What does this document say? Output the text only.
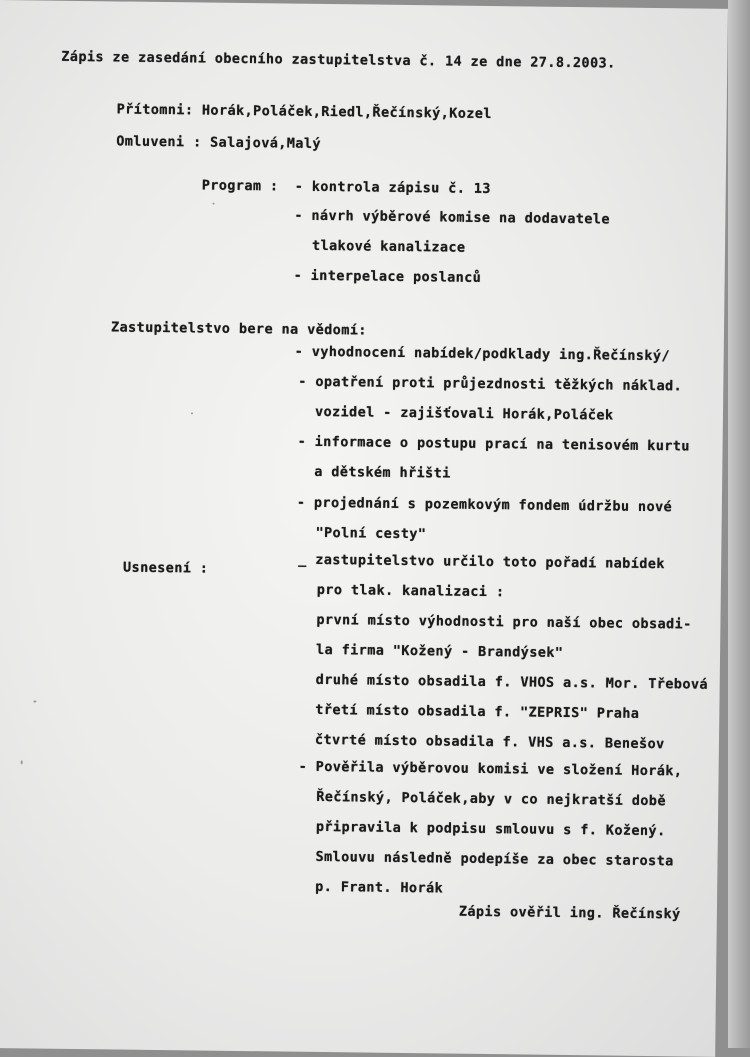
Zápis ze zasedání obecního zastupitelstva č. 14 ze dne 27.8.2003.
Přítomni: Horák,Poláček,Riedl,Řečínský,Kozel
Omluveni : Salajová,Malý
Program : - kontrola zápisu č. 13
- návrh výběrové komise na dodavatele
tlakové kanalizace
- interpelace poslanců
Zastupitelstvo bere na vědomí:
- vyhodnocení nabídek/podklady ing.Řečínský/
- opatření proti průjezdnosti těžkých náklad.
vozidel - zajišťovali Horák,Poláček
- informace o postupu prací na tenisovém kurtu
a dětském hřišti
- projednání s pozemkovým fondem údržbu nové
"Polní cesty"
Usnesení :	_ zastupitelstvo určilo toto pořadí nabídek
pro tlak. kanalizaci :
první místo výhodnosti pro naší obec obsadi-
la firma "Kožený - Brandýsek"
druhé místo obsadila f. VHOS a.s. Mor. Třebová
třetí místo obsadila f. "ZEPRIS" Praha
čtvrté místo obsadila f. VHS a.s. Benešov
- Pověřila výběrovou komisi ve složení Horák,
Řečínský, Poláček,aby v co nejkratší době
připravila k podpisu smlouvu s f. Kožený.
Smlouvu následně podepíše za obec starosta
p. Frant. Horák
Zápis ověřil ing. Řečínský
